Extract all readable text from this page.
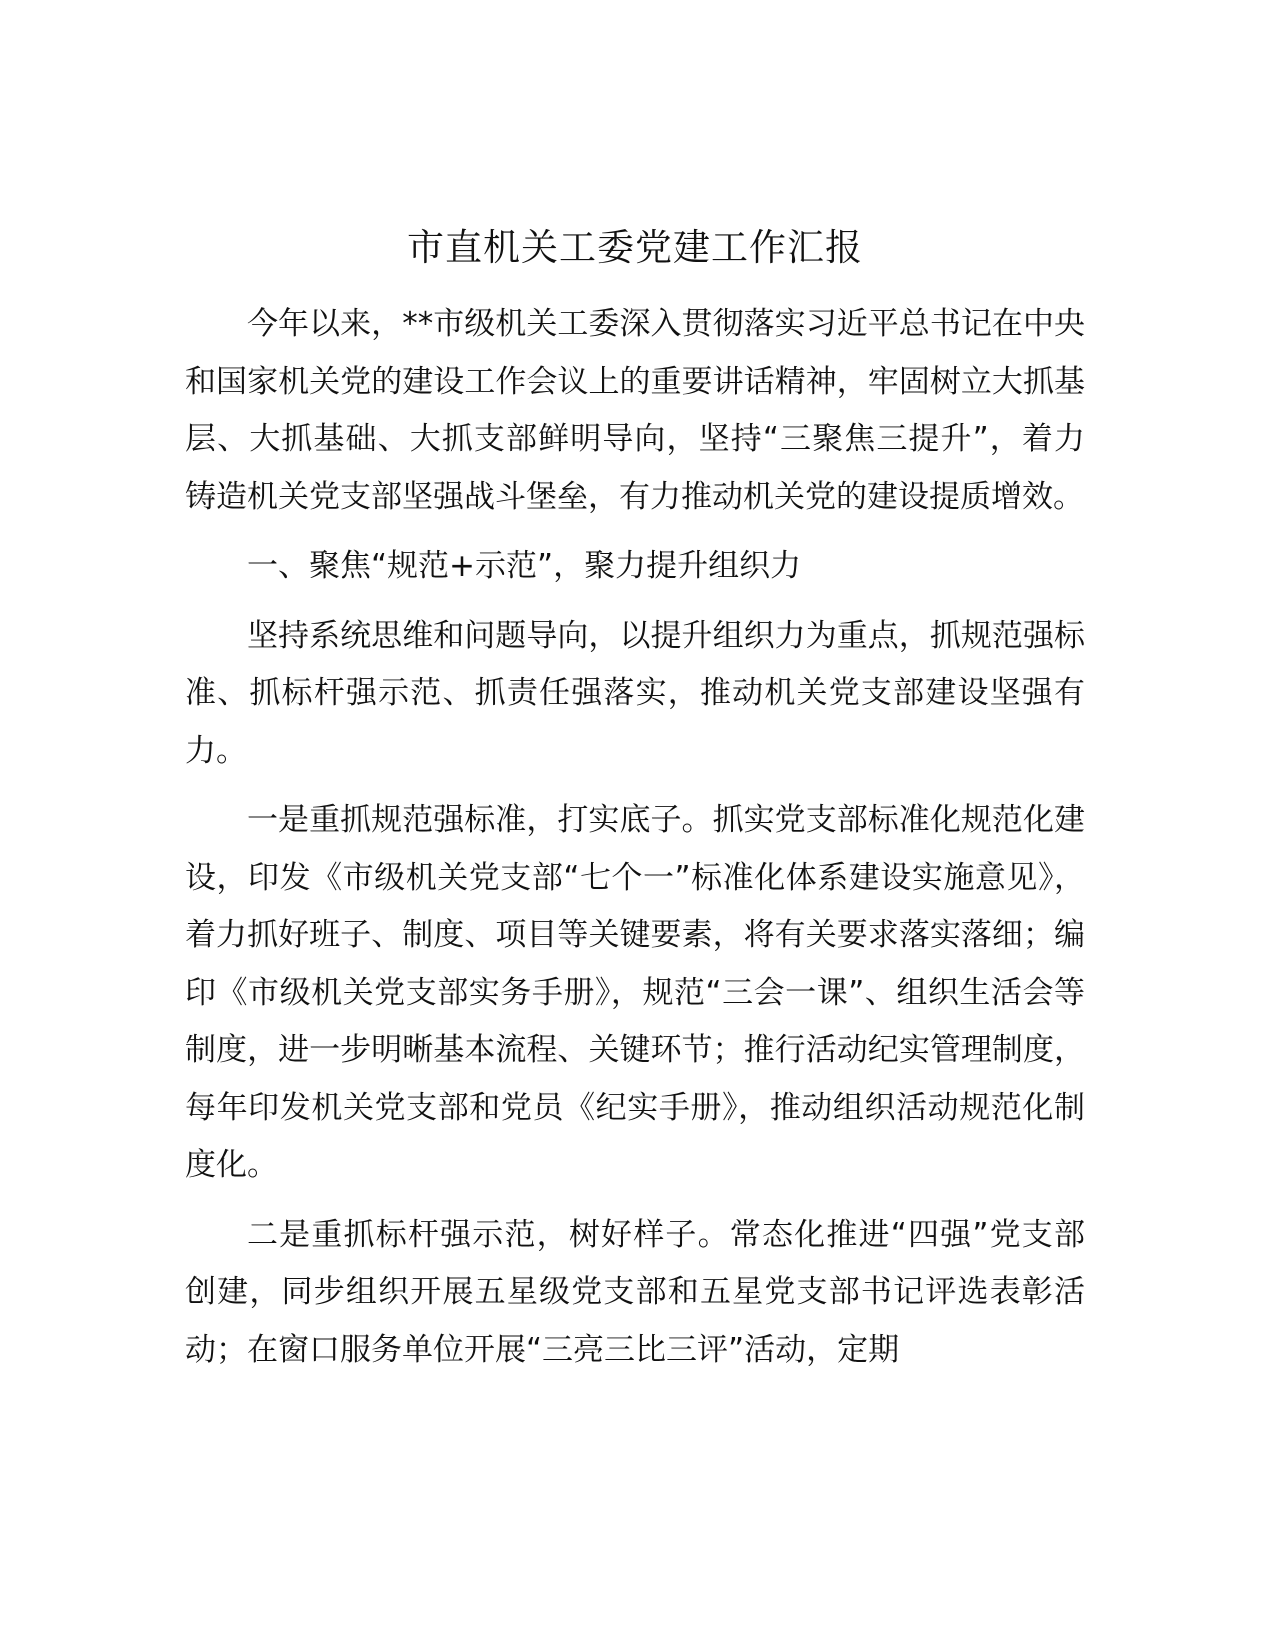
市直机关工委党建工作汇报

今年以来，**市级机关工委深入贯彻落实习近平总书记在中央和国家机关党的建设工作会议上的重要讲话精神，牢固树立大抓基层、大抓基础、大抓支部鲜明导向，坚持“三聚焦三提升”，着力铸造机关党支部坚强战斗堡垒，有力推动机关党的建设提质增效。

一、聚焦“规范+示范”，聚力提升组织力

坚持系统思维和问题导向，以提升组织力为重点，抓规范强标准、抓标杆强示范、抓责任强落实，推动机关党支部建设坚强有力。

一是重抓规范强标准，打实底子。抓实党支部标准化规范化建设，印发《市级机关党支部“七个一”标准化体系建设实施意见》，着力抓好班子、制度、项目等关键要素，将有关要求落实落细；编印《市级机关党支部实务手册》，规范“三会一课”、组织生活会等制度，进一步明晰基本流程、关键环节；推行活动纪实管理制度，每年印发机关党支部和党员《纪实手册》，推动组织活动规范化制度化。

二是重抓标杆强示范，树好样子。常态化推进“四强”党支部创建，同步组织开展五星级党支部和五星党支部书记评选表彰活动；在窗口服务单位开展“三亮三比三评”活动，定期
